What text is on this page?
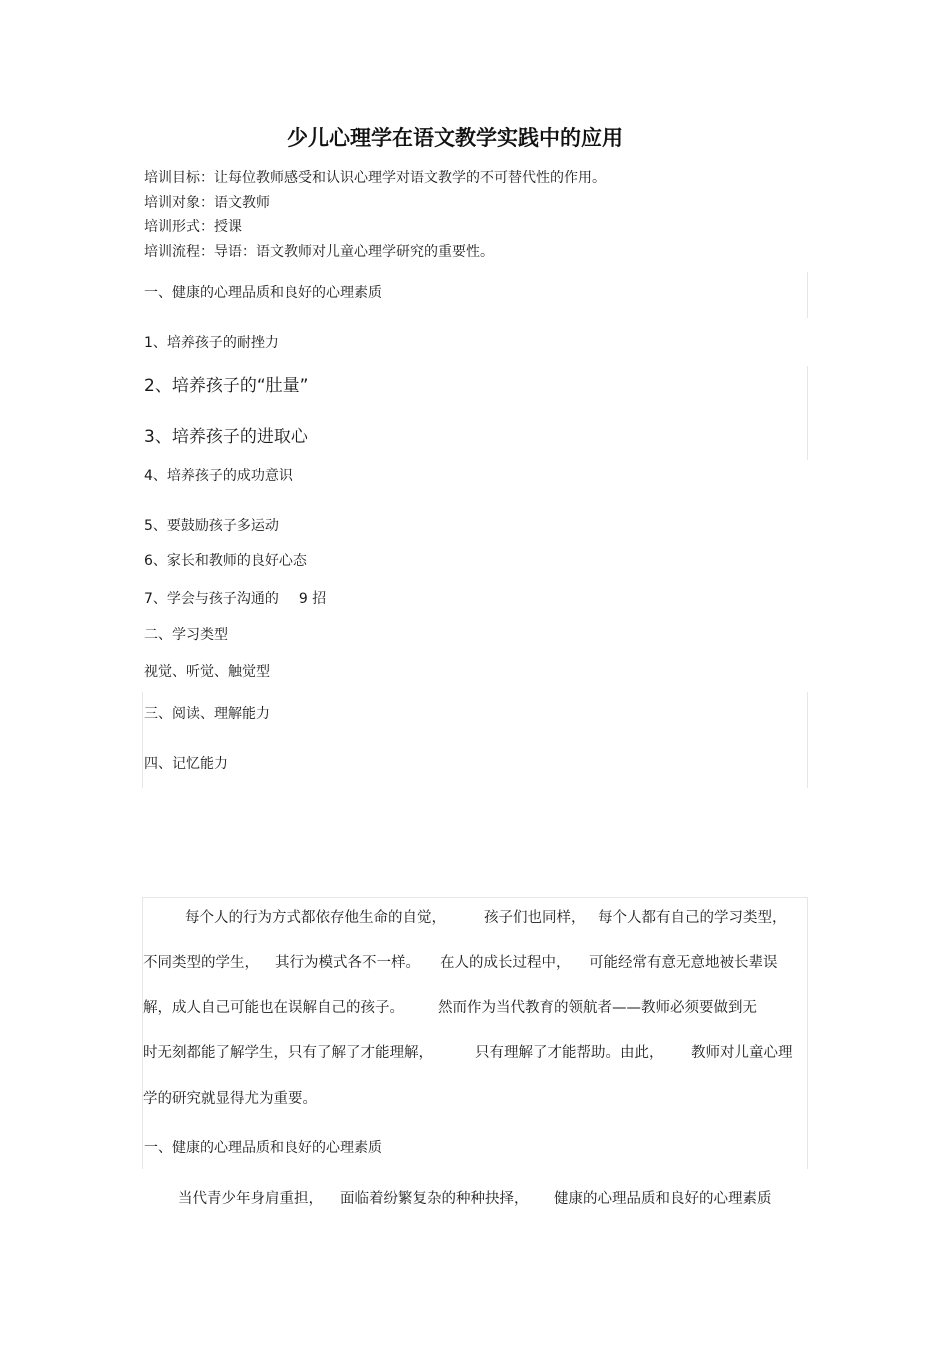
少儿心理学在语文教学实践中的应用
培训目标：让每位教师感受和认识心理学对语文教学的不可替代性的作用。
培训对象：语文教师
培训形式：授课
培训流程：导语：语文教师对儿童心理学研究的重要性。
一、健康的心理品质和良好的心理素质
1、培养孩子的耐挫力
2、培养孩子的“肚量”
3、培养孩子的进取心
4、培养孩子的成功意识
5、要鼓励孩子多运动
6、家长和教师的良好心态
7、学会与孩子沟通的 9 招
二、学习类型
视觉、听觉、触觉型
三、阅读、理解能力
四、记忆能力
每个人的行为方式都依存他生命的自觉，	孩子们也同样， 每个人都有自己的学习类型，
不同类型的学生， 其行为模式各不一样。 在人的成长过程中， 可能经常有意无意地被长辈误
解，成人自己可能也在误解自己的孩子。 然而作为当代教育的领航者——教师必须要做到无
时无刻都能了解学生，只有了解了才能理解，	只有理解了才能帮助。由此， 教师对儿童心理
学的研究就显得尤为重要。
一、健康的心理品质和良好的心理素质
当代青少年身肩重担， 面临着纷繁复杂的种种抉择， 健康的心理品质和良好的心理素质
